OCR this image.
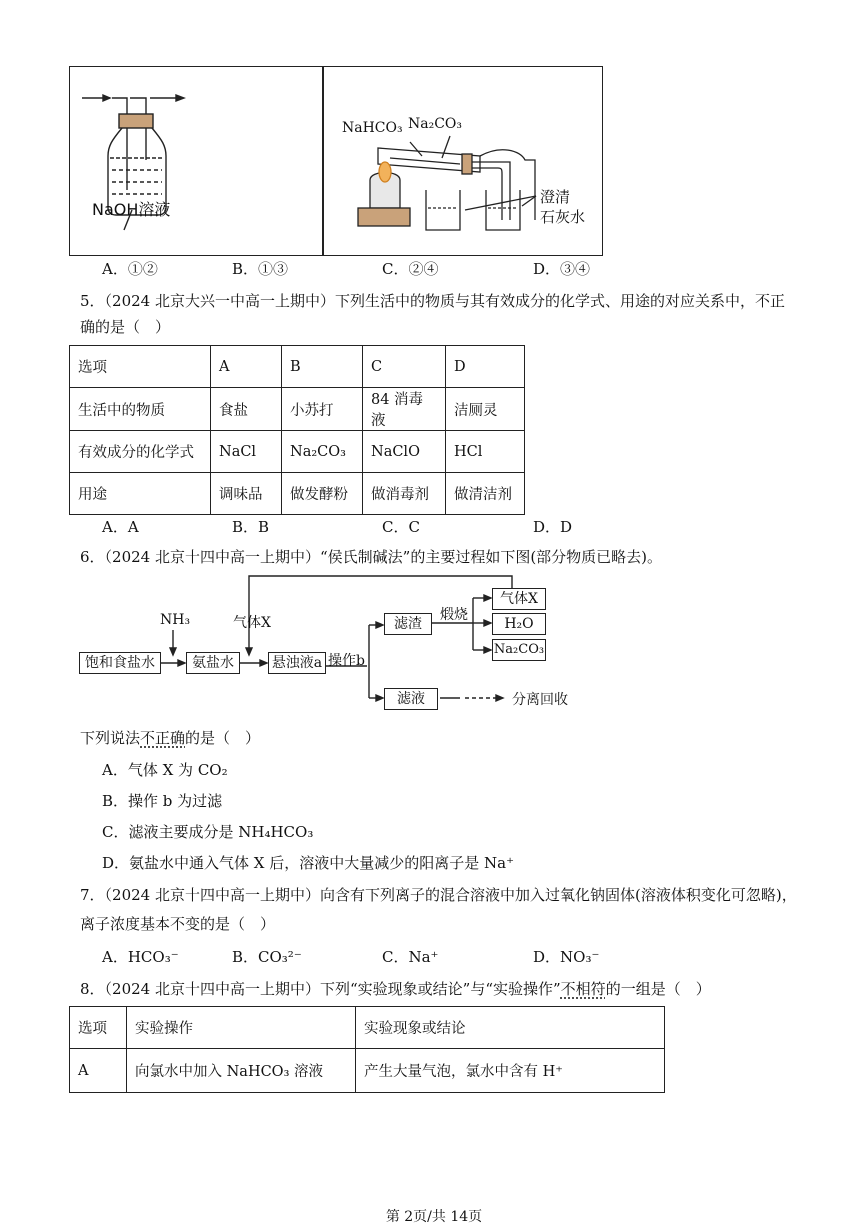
NaOH溶液
NaHCO₃ Na₂CO₃
澄清
石灰水
A．①②	B．①③	C．②④	D．③④
5．（2024 北京大兴一中高一上期中）下列生活中的物质与其有效成分的化学式、用途的对应关系中，不正
确的是（　）
选项	A	B	C	D
生活中的物质	食盐	小苏打	84 消毒液	洁厕灵
有效成分的化学式	NaCl	Na₂CO₃	NaClO	HCl
用途	调味品	做发酵粉	做消毒剂	做清洁剂
A．A	B．B	C．C	D．D
6．（2024 北京十四中高一上期中）“侯氏制碱法”的主要过程如下图(部分物质已略去)。
NH₃	气体X
饱和食盐水	氨盐水	悬浊液a 操作b
滤渣
煅烧
气体X
H₂O
Na₂CO₃
滤液	分离回收
下列说法不正确的是（　）
A．气体 X 为 CO₂
B．操作 b 为过滤
C．滤液主要成分是 NH₄HCO₃
D．氨盐水中通入气体 X 后，溶液中大量减少的阳离子是 Na⁺
7．（2024 北京十四中高一上期中）向含有下列离子的混合溶液中加入过氧化钠固体(溶液体积变化可忽略)，
离子浓度基本不变的是（　）
A．HCO₃⁻	B．CO₃²⁻	C．Na⁺	D．NO₃⁻
8．（2024 北京十四中高一上期中）下列“实验现象或结论”与“实验操作”不相符的一组是（　）
选项	实验操作	实验现象或结论
A	向氯水中加入 NaHCO₃ 溶液	产生大量气泡，氯水中含有 H⁺
第 2页/共 14页
